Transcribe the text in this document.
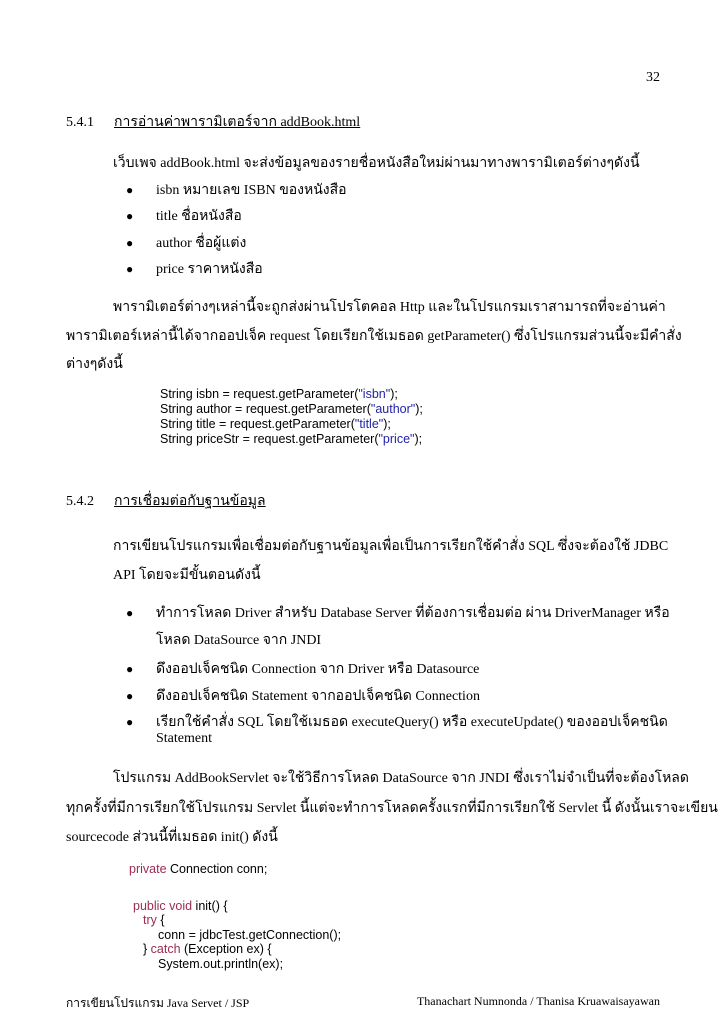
32
5.4.1 การอ่านค่าพารามิเตอร์จาก addBook.html
เว็บเพจ addBook.html จะส่งข้อมูลของรายชื่อหนังสือใหม่ผ่านมาทางพารามิเตอร์ต่างๆดังนี้
● isbn หมายเลข ISBN ของหนังสือ
● title ชื่อหนังสือ
● author ชื่อผู้แต่ง
● price ราคาหนังสือ
พารามิเตอร์ต่างๆเหล่านี้จะถูกส่งผ่านโปรโตคอล Http และในโปรแกรมเราสามารถที่จะอ่านค่า
พารามิเตอร์เหล่านี้ได้จากออปเจ็ค request โดยเรียกใช้เมธอด getParameter() ซึ่งโปรแกรมส่วนนี้จะมีคำสั่ง
ต่างๆดังนี้
String isbn = request.getParameter("isbn");
String author = request.getParameter("author");
String title = request.getParameter("title");
String priceStr = request.getParameter("price");
5.4.2 การเชื่อมต่อกับฐานข้อมูล
การเขียนโปรแกรมเพื่อเชื่อมต่อกับฐานข้อมูลเพื่อเป็นการเรียกใช้คำสั่ง SQL ซึ่งจะต้องใช้ JDBC
API โดยจะมีขั้นตอนดังนี้
● ทำการโหลด Driver สำหรับ Database Server ที่ต้องการเชื่อมต่อ ผ่าน DriverManager หรือ
โหลด DataSource จาก JNDI
● ดึงออปเจ็คชนิด Connection จาก Driver หรือ Datasource
● ดึงออปเจ็คชนิด Statement จากออปเจ็คชนิด Connection
● เรียกใช้คำสั่ง SQL โดยใช้เมธอด executeQuery() หรือ executeUpdate() ของออปเจ็คชนิด
Statement
โปรแกรม AddBookServlet จะใช้วิธีการโหลด DataSource จาก JNDI ซึ่งเราไม่จำเป็นที่จะต้องโหลด
ทุกครั้งที่มีการเรียกใช้โปรแกรม Servlet นี้แต่จะทำการโหลดครั้งแรกที่มีการเรียกใช้ Servlet นี้ ดังนั้นเราจะเขียน
sourcecode ส่วนนี้ที่เมธอด init() ดังนี้
private Connection conn;
public void init() {
try {
conn = jdbcTest.getConnection();
} catch (Exception ex) {
System.out.println(ex);
การเขียนโปรแกรม Java Servet / JSP	Thanachart Numnonda / Thanisa Kruawaisayawan
